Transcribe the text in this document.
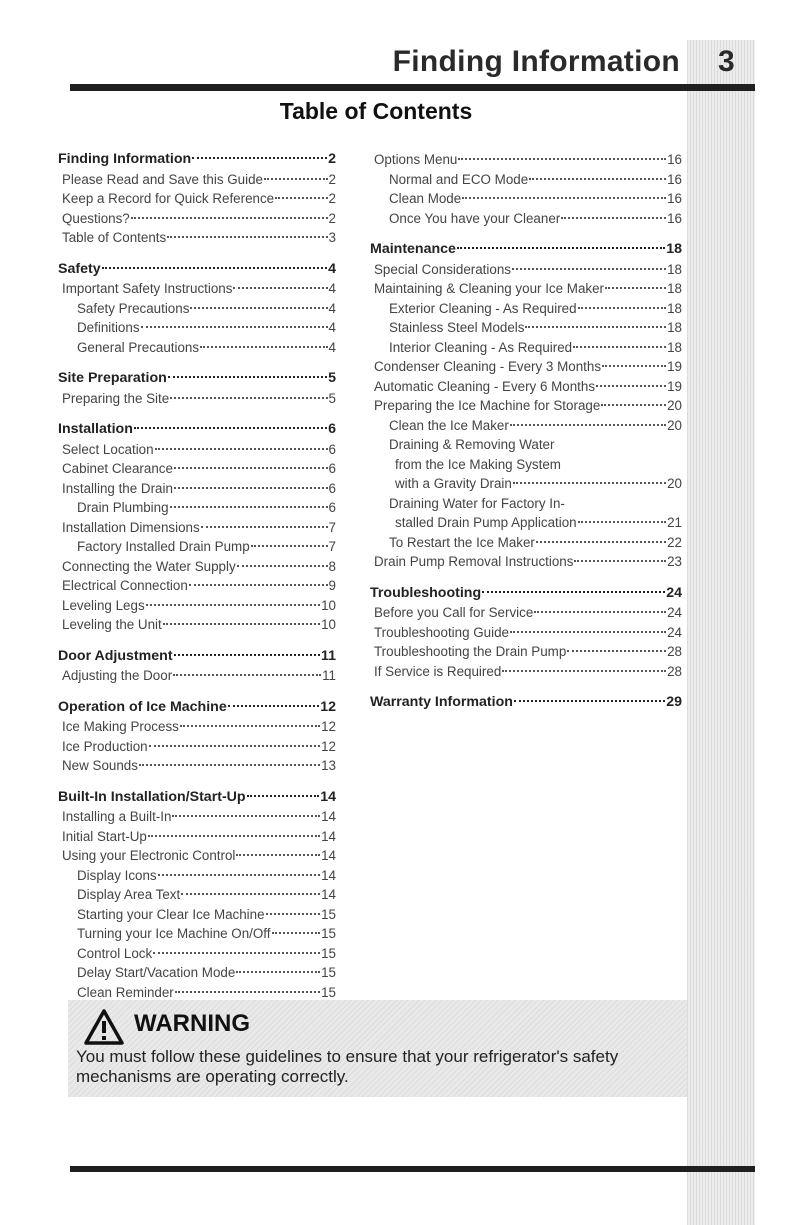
Finding Information 3
Table of Contents
Finding Information	2
Please Read and Save this Guide	2
Keep a Record for Quick Reference	2
Questions?	2
Table of Contents	3
Safety	4
Important Safety Instructions	4
Safety Precautions	4
Definitions	4
General Precautions	4
Site Preparation	5
Preparing the Site	5
Installation	6
Select Location	6
Cabinet Clearance	6
Installing the Drain	6
Drain Plumbing	6
Installation Dimensions	7
Factory Installed Drain Pump	7
Connecting the Water Supply	8
Electrical Connection	9
Leveling Legs	10
Leveling the Unit	10
Door Adjustment	11
Adjusting the Door	11
Operation of Ice Machine	12
Ice Making Process	12
Ice Production	12
New Sounds	13
Built-In Installation/Start-Up	14
Installing a Built-In	14
Initial Start-Up	14
Using your Electronic Control	14
Display Icons	14
Display Area Text	14
Starting your Clear Ice Machine	15
Turning your Ice Machine On/Off	15
Control Lock	15
Delay Start/Vacation Mode	15
Clean Reminder	15
Options Menu	16
Normal and ECO Mode	16
Clean Mode	16
Once You have your Cleaner	16
Maintenance	18
Special Considerations	18
Maintaining & Cleaning your Ice Maker	18
Exterior Cleaning - As Required	18
Stainless Steel Models	18
Interior Cleaning - As Required	18
Condenser Cleaning - Every 3 Months	19
Automatic Cleaning - Every 6 Months	19
Preparing the Ice Machine for Storage	20
Clean the Ice Maker	20
Draining & Removing Water
from the Ice Making System
with a Gravity Drain	20
Draining Water for Factory In-
stalled Drain Pump Application	21
To Restart the Ice Maker	22
Drain Pump Removal Instructions	23
Troubleshooting	24
Before you Call for Service	24
Troubleshooting Guide	24
Troubleshooting the Drain Pump	28
If Service is Required	28
Warranty Information	29
WARNING
You must follow these guidelines to ensure that your refrigerator's safety mechanisms are operating correctly.
